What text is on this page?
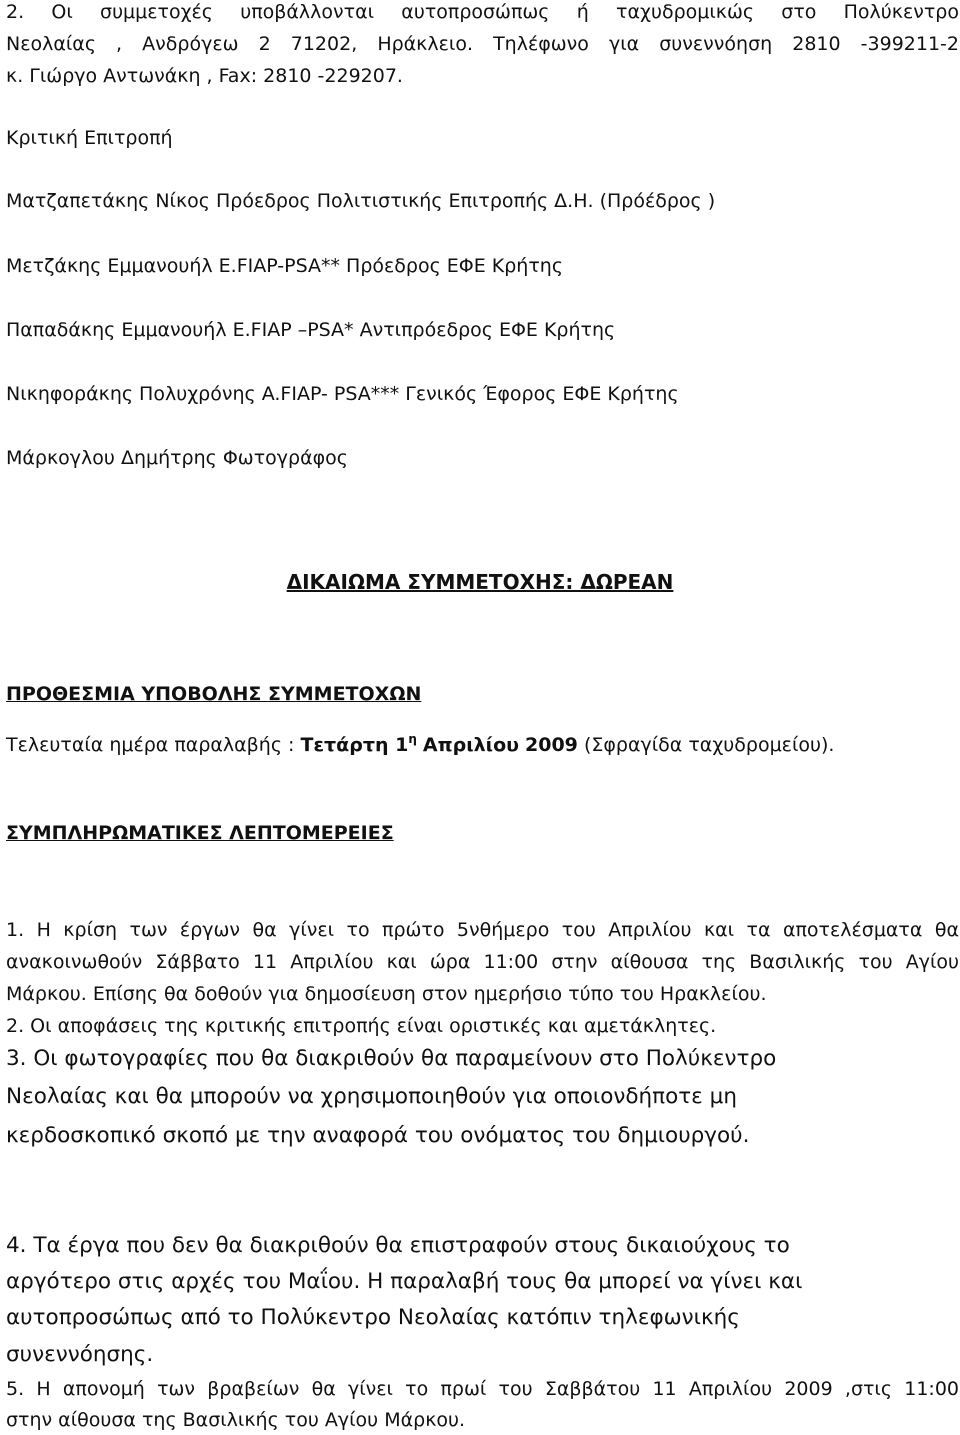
2. Οι συμμετοχές υποβάλλονται αυτοπροσώπως ή ταχυδρομικώς στο Πολύκεντρο
Νεολαίας , Ανδρόγεω 2 71202, Ηράκλειο. Τηλέφωνο για συνεννόηση 2810 -399211-2
κ. Γιώργο Αντωνάκη , Fax: 2810 -229207.
Κριτική Επιτροπή
Ματζαπετάκης Νίκος Πρόεδρος Πολιτιστικής Επιτροπής Δ.Η. (Πρόέδρος )
Μετζάκης Εμμανουήλ E.FIAP-PSA** Πρόεδρος ΕΦΕ Κρήτης
Παπαδάκης Εμμανουήλ E.FIAP –PSA* Αντιπρόεδρος ΕΦΕ Κρήτης
Νικηφοράκης Πολυχρόνης A.FIAP- PSA*** Γενικός Έφορος ΕΦΕ Κρήτης
Μάρκογλου Δημήτρης Φωτογράφος
ΔΙΚΑΙΩΜΑ ΣΥΜΜΕΤΟΧΗΣ: ΔΩΡΕΑΝ
ΠΡΟΘΕΣΜΙΑ ΥΠΟΒΟΛΗΣ ΣΥΜΜΕΤΟΧΩΝ
Τελευταία ημέρα παραλαβής : Τετάρτη $1^\eta$ Απριλίου 2009 (Σφραγίδα ταχυδρομείου).
ΣΥΜΠΛΗΡΩΜΑΤΙΚΕΣ ΛΕΠΤΟΜΕΡΕΙΕΣ
1. Η κρίση των έργων θα γίνει το πρώτο 5νθήμερο του Απριλίου και τα αποτελέσματα θα
ανακοινωθούν Σάββατο 11 Απριλίου και ώρα 11:00 στην αίθουσα της Βασιλικής του Αγίου
Μάρκου. Επίσης θα δοθούν για δημοσίευση στον ημερήσιο τύπο του Ηρακλείου.
2. Οι αποφάσεις της κριτικής επιτροπής είναι οριστικές και αμετάκλητες.
3. Οι φωτογραφίες που θα διακριθούν θα παραμείνουν στο Πολύκεντρο
Νεολαίας και θα μπορούν να χρησιμοποιηθούν για οποιονδήποτε μη
κερδοσκοπικό σκοπό με την αναφορά του ονόματος του δημιουργού.
4. Τα έργα που δεν θα διακριθούν θα επιστραφούν στους δικαιούχους το
αργότερο στις αρχές του Μαΐου. Η παραλαβή τους θα μπορεί να γίνει και
αυτοπροσώπως από το Πολύκεντρο Νεολαίας κατόπιν τηλεφωνικής
συνεννόησης.
5. Η απονομή των βραβείων θα γίνει το πρωί του Σαββάτου 11 Απριλίου 2009 ,στις 11:00
στην αίθουσα της Βασιλικής του Αγίου Μάρκου.
